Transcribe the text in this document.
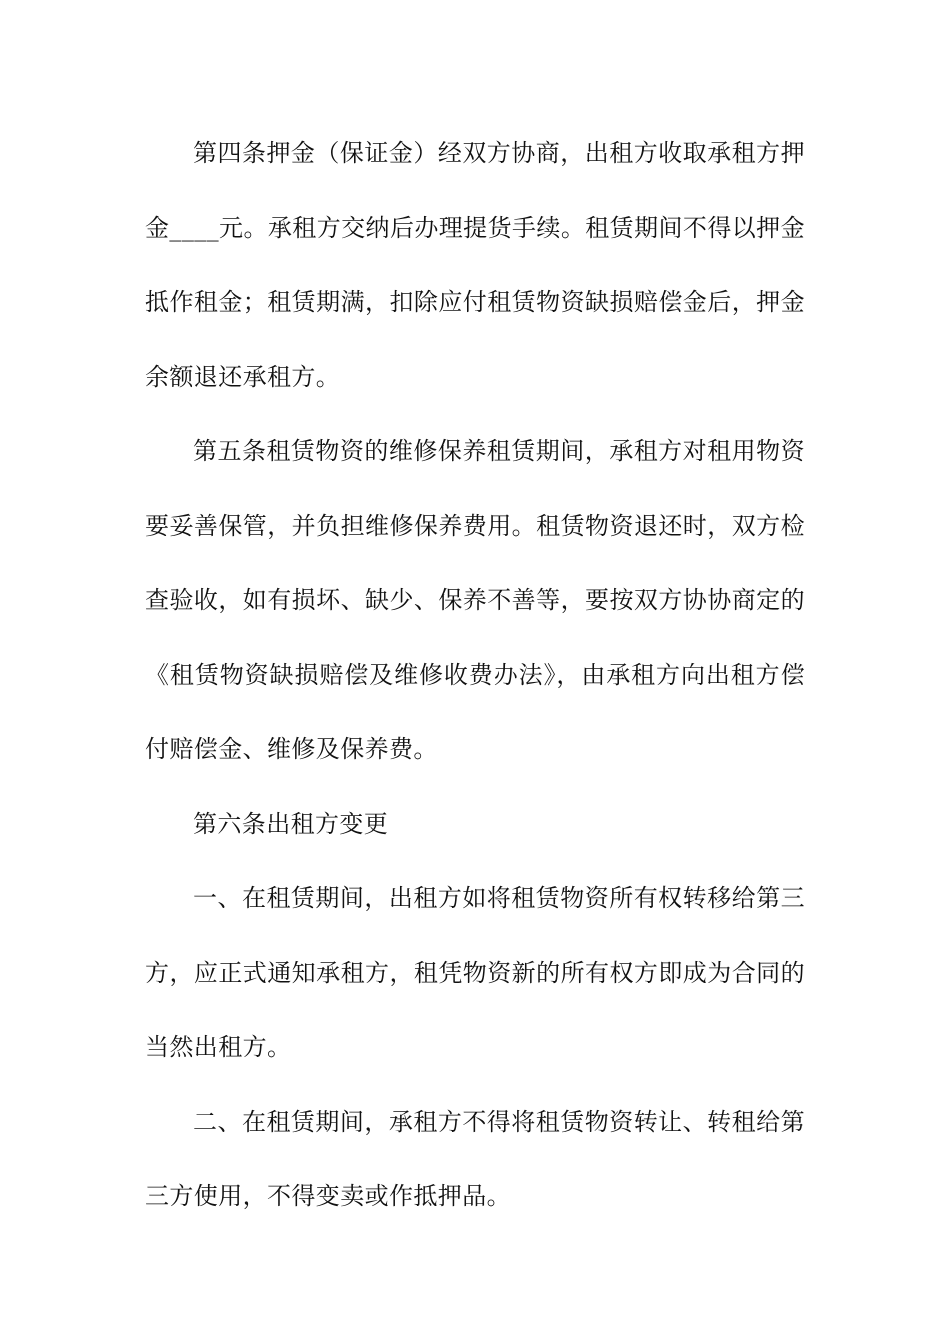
第四条押金（保证金）经双方协商，出租方收取承租方押金____元。承租方交纳后办理提货手续。租赁期间不得以押金抵作租金；租赁期满，扣除应付租赁物资缺损赔偿金后，押金余额退还承租方。

第五条租赁物资的维修保养租赁期间，承租方对租用物资要妥善保管，并负担维修保养费用。租赁物资退还时，双方检查验收，如有损坏、缺少、保养不善等，要按双方协协商定的《租赁物资缺损赔偿及维修收费办法》，由承租方向出租方偿付赔偿金、维修及保养费。

第六条出租方变更

一、在租赁期间，出租方如将租赁物资所有权转移给第三方，应正式通知承租方，租凭物资新的所有权方即成为合同的当然出租方。

二、在租赁期间，承租方不得将租赁物资转让、转租给第三方使用，不得变卖或作抵押品。
